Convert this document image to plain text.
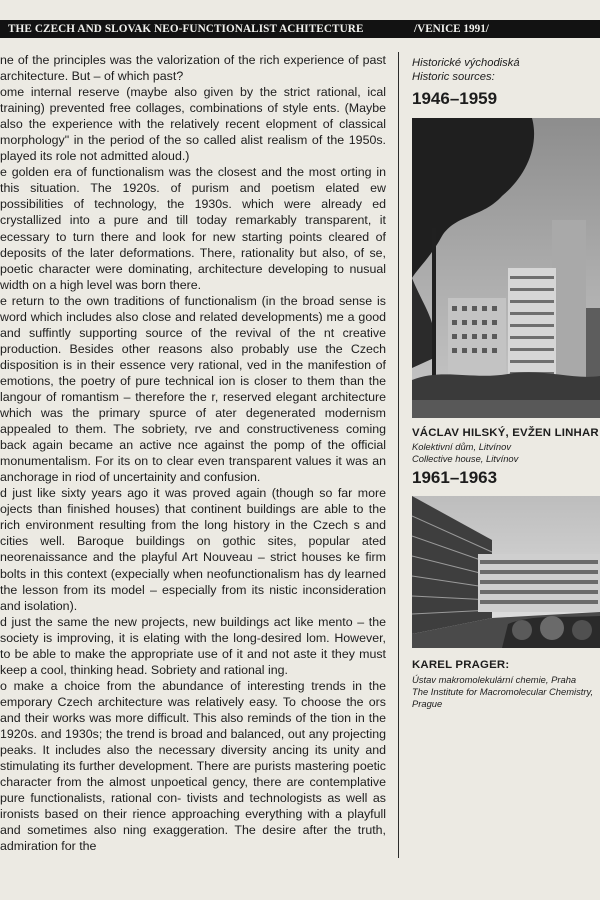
THE CZECH AND SLOVAK NEO-FUNCTIONALIST ACHITECTURE	/VENICE 1991/

ne of the principles was the valorization of the rich experience of past architecture. But – of which past?
ome internal reserve (maybe also given by the strict rational, ical training) prevented free collages, combinations of style ents. (Maybe also the experience with the relatively recent elopment of classical morphology" in the period of the so called alist realism of the 1950s. played its role not admitted aloud.)
e golden era of functionalism was the closest and the most orting in this situation. The 1920s. of purism and poetism elated ew possibilities of technology, the 1930s. which were already ed crystallized into a pure and till today remarkably transparent, it ecessary to turn there and look for new starting points cleared of deposits of the later deformations. There, rationality but also, of se, poetic character were dominating, architecture developing to nusual width on a high level was born there.
e return to the own traditions of functionalism (in the broad sense is word which includes also close and related developments) me a good and suffintly supporting source of the revival of the nt creative production. Besides other reasons also probably use the Czech disposition is in their essence very rational, ved in the manifestion of emotions, the poetry of pure technical ion is closer to them than the langour of romantism – therefore the r, reserved elegant architecture which was the primary spurce of ater degenerated modernism appealed to them. The sobriety, rve and constructiveness coming back again became an active nce against the pomp of the official monumentalism. For its on to clear even transparent values it was an anchorage in riod of uncertainity and confusion.
d just like sixty years ago it was proved again (though so far more ojects than finished houses) that continent buildings are able to the rich environment resulting from the long history in the Czech s and cities well. Baroque buildings on gothic sites, popular ated neorenaissance and the playful Art Nouveau – strict houses ke firm bolts in this context (expecially when neofunctionalism has dy learned the lesson from its model – especially from its nistic inconsideration and isolation).
d just the same the new projects, new buildings act like mento – the society is improving, it is elating with the long-desired lom. However, to be able to make the appropriate use of it and not aste it they must keep a cool, thinking head. Sobriety and rational ing.
o make a choice from the abundance of interesting trends in the emporary Czech architecture was relatively easy. To choose the ors and their works was more difficult. This also reminds of the tion in the 1920s. and 1930s; the trend is broad and balanced, out any projecting peaks. It includes also the necessary diversity ancing its unity and stimulating its further development. There are purists mastering poetic character from the almost unpoetical gency, there are contemplative pure functionalists, rational con- tivists and technologists as well as ironists based on their rience approaching everything with a playfull and sometimes also ning exaggeration. The desire after the truth, admiration for the

Historické východiská
Historic sources:
1946–1959
VÁCLAV HILSKÝ, EVŽEN LINHAR
Kolektivní dům, Litvínov
Collective house, Litvínov
1961–1963
KAREL PRAGER:
Ústav makromolekulární chemie, Praha
The Institute for Macromolecular Chemistry, Prague
